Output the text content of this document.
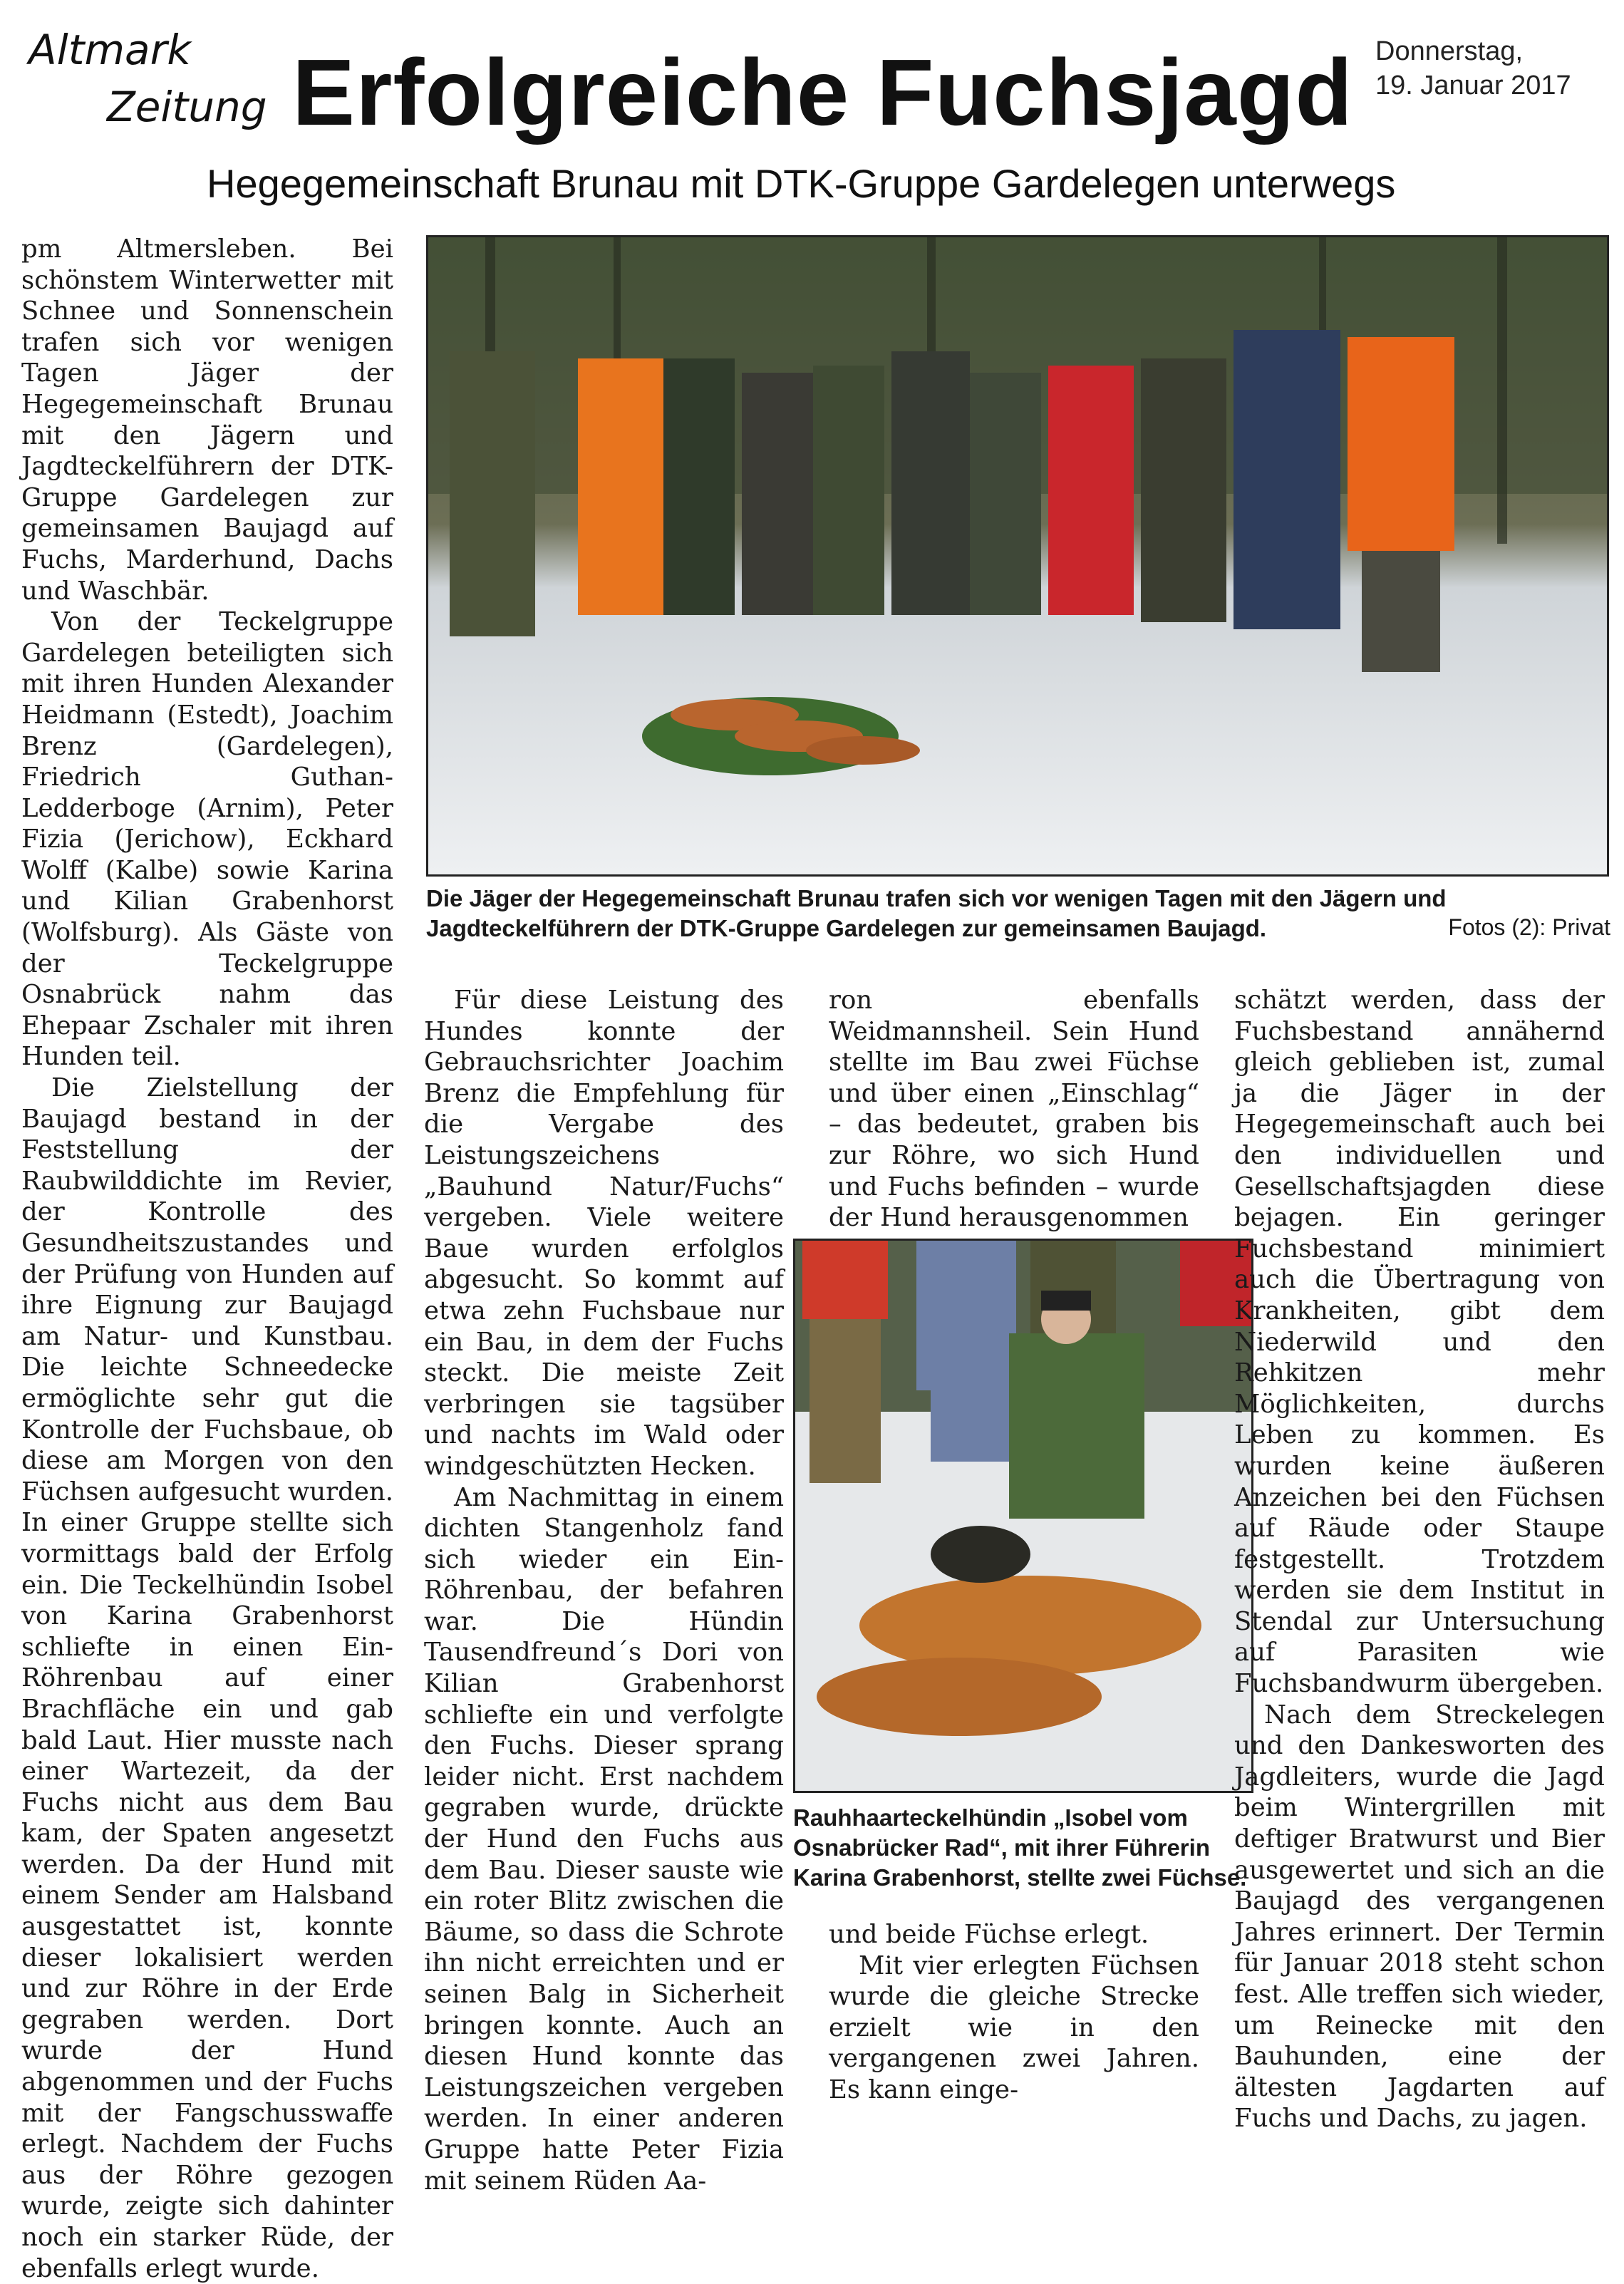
Altmark
Zeitung
Donnerstag,
19. Januar 2017
Erfolgreiche Fuchsjagd
Hegegemeinschaft Brunau mit DTK-Gruppe Gardelegen unterwegs

pm Altmersleben. Bei schönstem Winterwetter mit Schnee und Sonnenschein trafen sich vor wenigen Tagen Jäger der Hegegemeinschaft Brunau mit den Jägern und Jagdteckelführern der DTK-Gruppe Gardelegen zur gemeinsamen Baujagd auf Fuchs, Marderhund, Dachs und Waschbär.

Von der Teckelgruppe Gardelegen beteiligten sich mit ihren Hunden Alexander Heidmann (Estedt), Joachim Brenz (Gardelegen), Friedrich Guthan-Ledderboge (Arnim), Peter Fizia (Jerichow), Eckhard Wolff (Kalbe) sowie Karina und Kilian Grabenhorst (Wolfsburg). Als Gäste von der Teckelgruppe Osnabrück nahm das Ehepaar Zschaler mit ihren Hunden teil.

Die Zielstellung der Baujagd bestand in der Feststellung der Raubwilddichte im Revier, der Kontrolle des Gesundheitszustandes und der Prüfung von Hunden auf ihre Eignung zur Baujagd am Natur- und Kunstbau. Die leichte Schneedecke ermöglichte sehr gut die Kontrolle der Fuchsbaue, ob diese am Morgen von den Füchsen aufgesucht wurden. In einer Gruppe stellte sich vormittags bald der Erfolg ein. Die Teckelhündin Isobel von Karina Grabenhorst schliefte in einen Ein-Röhrenbau auf einer Brachfläche ein und gab bald Laut. Hier musste nach einer Wartezeit, da der Fuchs nicht aus dem Bau kam, der Spaten angesetzt werden. Da der Hund mit einem Sender am Halsband ausgestattet ist, konnte dieser lokalisiert werden und zur Röhre in der Erde gegraben werden. Dort wurde der Hund abgenommen und der Fuchs mit der Fangschusswaffe erlegt. Nachdem der Fuchs aus der Röhre gezogen wurde, zeigte sich dahinter noch ein starker Rüde, der ebenfalls erlegt wurde.

Die Jäger der Hegegemeinschaft Brunau trafen sich vor wenigen Tagen mit den Jägern und Jagdteckelführern der DTK-Gruppe Gardelegen zur gemeinsamen Baujagd.	Fotos (2): Privat

Für diese Leistung des Hundes konnte der Gebrauchsrichter Joachim Brenz die Empfehlung für die Vergabe des Leistungszeichens „Bauhund Natur/Fuchs“ vergeben. Viele weitere Baue wurden erfolglos abgesucht. So kommt auf etwa zehn Fuchsbaue nur ein Bau, in dem der Fuchs steckt. Die meiste Zeit verbringen sie tagsüber und nachts im Wald oder windgeschützten Hecken.

Am Nachmittag in einem dichten Stangenholz fand sich wieder ein Ein-Röhrenbau, der befahren war. Die Hündin Tausendfreund´s Dori von Kilian Grabenhorst schliefte ein und verfolgte den Fuchs. Dieser sprang leider nicht. Erst nachdem gegraben wurde, drückte der Hund den Fuchs aus dem Bau. Dieser sauste wie ein roter Blitz zwischen die Bäume, so dass die Schrote ihn nicht erreichten und er seinen Balg in Sicherheit bringen konnte. Auch an diesen Hund konnte das Leistungszeichen vergeben werden. In einer anderen Gruppe hatte Peter Fizia mit seinem Rüden Aa-

ron ebenfalls Weidmannsheil. Sein Hund stellte im Bau zwei Füchse und über einen „Einschlag“ – das bedeutet, graben bis zur Röhre, wo sich Hund und Fuchs befinden – wurde der Hund herausgenommen

Rauhhaarteckelhündin „Isobel vom Osnabrücker Rad“, mit ihrer Führerin Karina Grabenhorst, stellte zwei Füchse.

und beide Füchse erlegt.

Mit vier erlegten Füchsen wurde die gleiche Strecke erzielt wie in den vergangenen zwei Jahren. Es kann einge-

schätzt werden, dass der Fuchsbestand annähernd gleich geblieben ist, zumal ja die Jäger in der Hegegemeinschaft auch bei den individuellen und Gesellschaftsjagden diese bejagen. Ein geringer Fuchsbestand minimiert auch die Übertragung von Krankheiten, gibt dem Niederwild und den Rehkitzen mehr Möglichkeiten, durchs Leben zu kommen. Es wurden keine äußeren Anzeichen bei den Füchsen auf Räude oder Staupe festgestellt. Trotzdem werden sie dem Institut in Stendal zur Untersuchung auf Parasiten wie Fuchsbandwurm übergeben.

Nach dem Streckelegen und den Dankesworten des Jagdleiters, wurde die Jagd beim Wintergrillen mit deftiger Bratwurst und Bier ausgewertet und sich an die Baujagd des vergangenen Jahres erinnert. Der Termin für Januar 2018 steht schon fest. Alle treffen sich wieder, um Reinecke mit den Bauhunden, eine der ältesten Jagdarten auf Fuchs und Dachs, zu jagen.
